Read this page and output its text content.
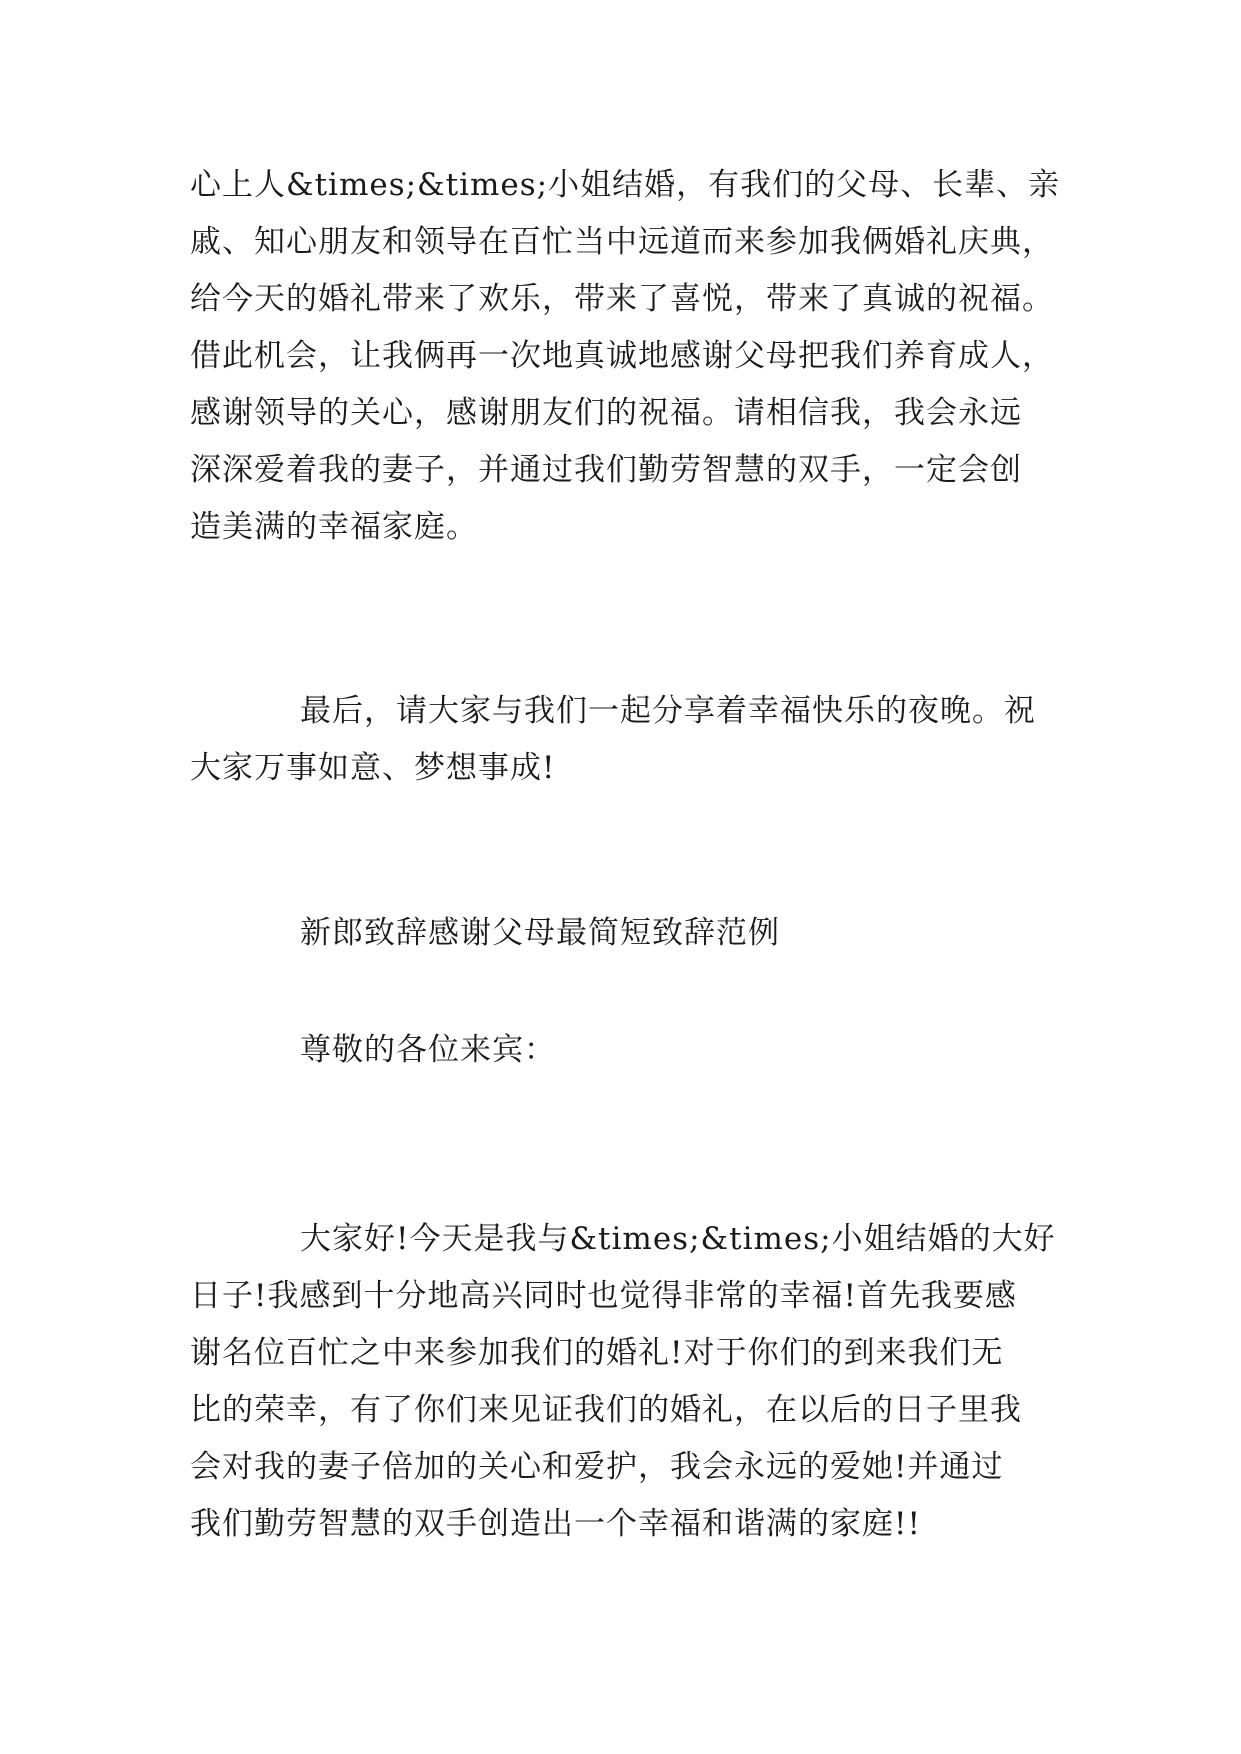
心上人&times;&times;小姐结婚，有我们的父母、长辈、亲
戚、知心朋友和领导在百忙当中远道而来参加我俩婚礼庆典，
给今天的婚礼带来了欢乐，带来了喜悦，带来了真诚的祝福。
借此机会，让我俩再一次地真诚地感谢父母把我们养育成人，
感谢领导的关心，感谢朋友们的祝福。请相信我，我会永远
深深爱着我的妻子，并通过我们勤劳智慧的双手，一定会创
造美满的幸福家庭。
最后，请大家与我们一起分享着幸福快乐的夜晚。祝
大家万事如意、梦想事成!
新郎致辞感谢父母最简短致辞范例
尊敬的各位来宾：
大家好!今天是我与&times;&times;小姐结婚的大好
日子!我感到十分地高兴同时也觉得非常的幸福!首先我要感
谢名位百忙之中来参加我们的婚礼!对于你们的到来我们无
比的荣幸，有了你们来见证我们的婚礼，在以后的日子里我
会对我的妻子倍加的关心和爱护，我会永远的爱她!并通过
我们勤劳智慧的双手创造出一个幸福和谐满的家庭!!
